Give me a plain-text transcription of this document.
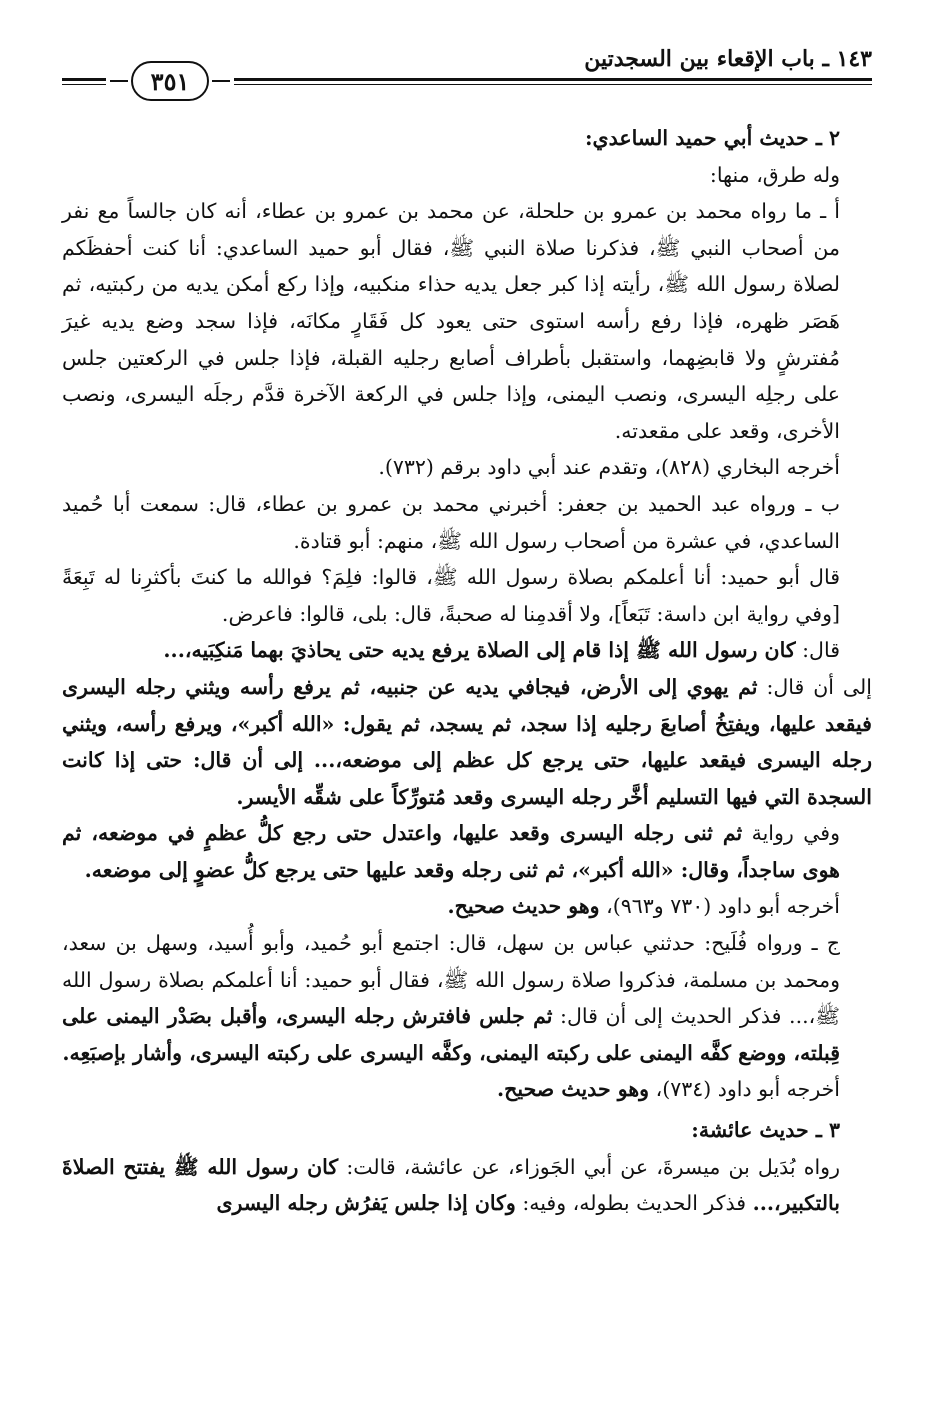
١٤٣ ـ باب الإقعاء بين السجدتين
٣٥١

٢ ـ حديث أبي حميد الساعدي:

وله طرق، منها:

أ ـ ما رواه محمد بن عمرو بن حلحلة، عن محمد بن عمرو بن عطاء، أنه كان جالساً مع نفر من أصحاب النبي ﷺ، فذكرنا صلاة النبي ﷺ، فقال أبو حميد الساعدي: أنا كنت أحفظَكم لصلاة رسول الله ﷺ، رأيته إذا كبر جعل يديه حذاء منكبيه، وإذا ركع أمكن يديه من ركبتيه، ثم هَصَر ظهره، فإذا رفع رأسه استوى حتى يعود كل فَقَارٍ مكانَه، فإذا سجد وضع يديه غيرَ مُفترشٍ ولا قابضِهما، واستقبل بأطراف أصابع رجليه القبلة، فإذا جلس في الركعتين جلس على رجلِه اليسرى، ونصب اليمنى، وإذا جلس في الركعة الآخرة قدَّم رجلَه اليسرى، ونصب الأخرى، وقعد على مقعدته.

أخرجه البخاري (٨٢٨)، وتقدم عند أبي داود برقم (٧٣٢).

ب ـ ورواه عبد الحميد بن جعفر: أخبرني محمد بن عمرو بن عطاء، قال: سمعت أبا حُميد الساعدي، في عشرة من أصحاب رسول الله ﷺ، منهم: أبو قتادة.

قال أبو حميد: أنا أعلمكم بصلاة رسول الله ﷺ، قالوا: فلِمَ؟ فوالله ما كنتَ بأكثرِنا له تَبِعَةً [وفي رواية ابن داسة: تَبَعاً]، ولا أقدمِنا له صحبةً، قال: بلى، قالوا: فاعرض.

قال: كان رسول الله ﷺ إذا قام إلى الصلاة يرفع يديه حتى يحاذيَ بهما مَنكِبَيه،...

إلى أن قال: ثم يهوي إلى الأرض، فيجافي يديه عن جنبيه، ثم يرفع رأسه ويثني رجله اليسرى فيقعد عليها، ويفتِخُ أصابعَ رجليه إذا سجد، ثم يسجد، ثم يقول: «الله أكبر»، ويرفع رأسه، ويثني رجله اليسرى فيقعد عليها، حتى يرجع كل عظم إلى موضعه،... إلى أن قال: حتى إذا كانت السجدة التي فيها التسليم أخَّر رجله اليسرى وقعد مُتورِّكاً على شقِّه الأيسر.

وفي رواية ثم ثنى رجله اليسرى وقعد عليها، واعتدل حتى رجع كلُّ عظمٍ في موضعه، ثم هوى ساجداً، وقال: «الله أكبر»، ثم ثنى رجله وقعد عليها حتى يرجع كلُّ عضوٍ إلى موضعه.

أخرجه أبو داود (٧٣٠ و٩٦٣)، وهو حديث صحيح.

ج ـ ورواه فُلَيح: حدثني عباس بن سهل، قال: اجتمع أبو حُميد، وأبو أُسيد، وسهل بن سعد، ومحمد بن مسلمة، فذكروا صلاة رسول الله ﷺ، فقال أبو حميد: أنا أعلمكم بصلاة رسول الله ﷺ،... فذكر الحديث إلى أن قال: ثم جلس فافترش رجله اليسرى، وأقبل بصَدْر اليمنى على قِبلته، ووضع كفَّه اليمنى على ركبته اليمنى، وكفَّه اليسرى على ركبته اليسرى، وأشار بإصبَعِه.

أخرجه أبو داود (٧٣٤)، وهو حديث صحيح.

٣ ـ حديث عائشة:

رواه بُدَيل بن ميسرةَ، عن أبي الجَوزاء، عن عائشة، قالت: كان رسول الله ﷺ يفتتح الصلاةَ بالتكبير،... فذكر الحديث بطوله، وفيه: وكان إذا جلس يَفرُش رجله اليسرى
